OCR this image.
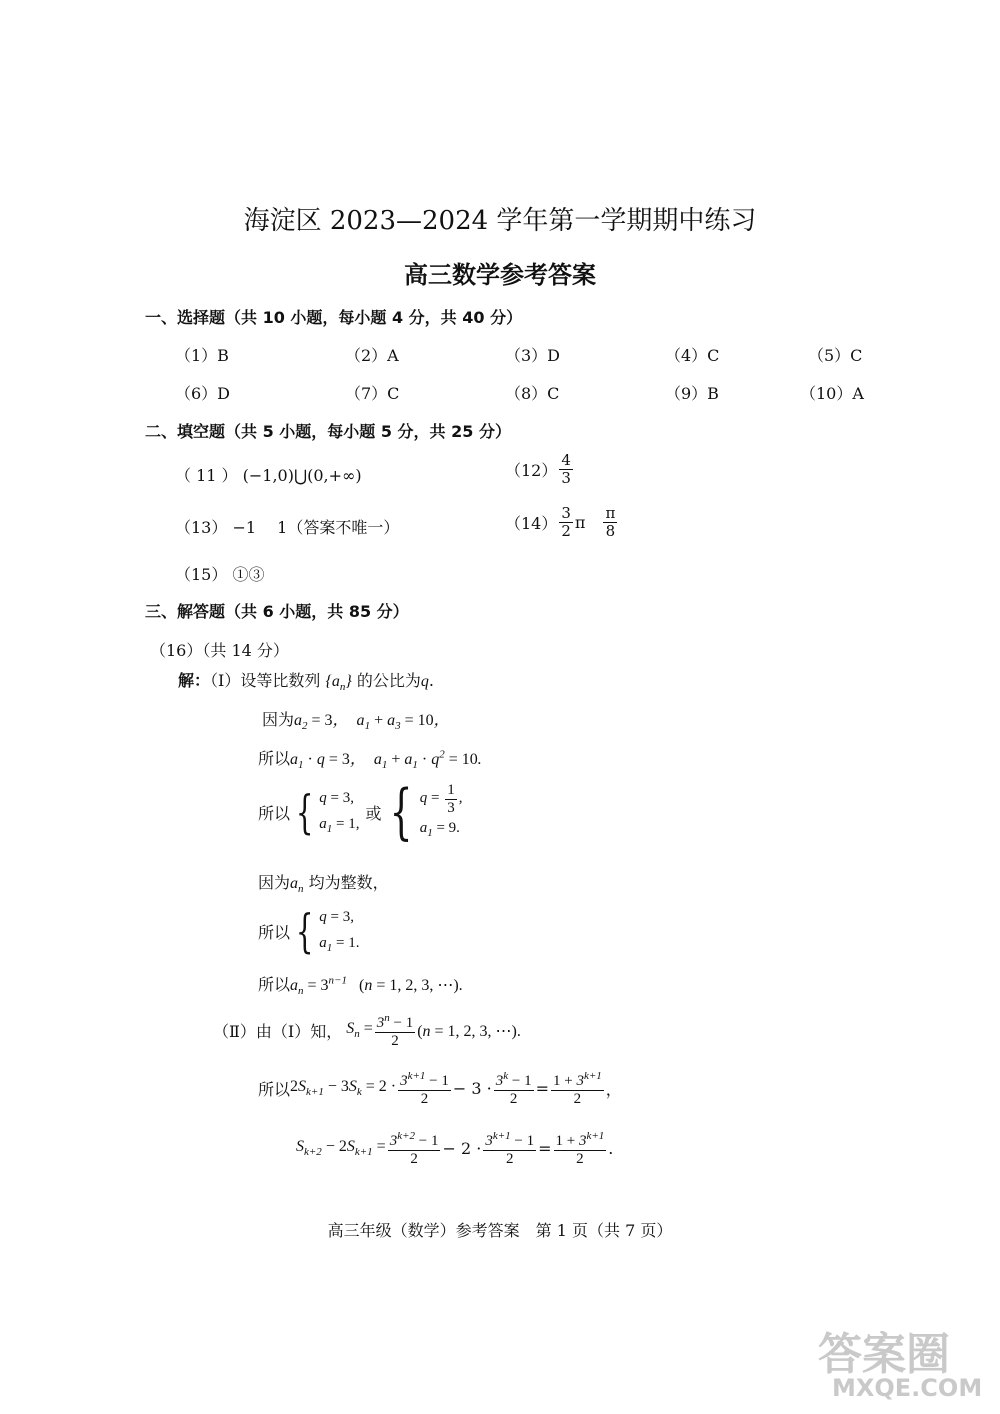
海淀区 2023—2024 学年第一学期期中练习
高三数学参考答案
一、选择题（共 10 小题，每小题 4 分，共 40 分）
（1）B	（2）A	（3）D	（4）C	（5）C
（6）D	（7）C	（8）C	（9）B	（10）A
二、填空题（共 5 小题，每小题 5 分，共 25 分）
（ 11 ） (−1,0)⋃(0,+∞)	$(12) \frac{4}{3}$
（13） −1　 1（答案不唯一）	$(14) \frac{3}{2}$ π $\frac{\pi}{8}$
（15） ①③
三、解答题（共 6 小题，共 85 分）
（16）（共 14 分）
解：（Ⅰ）设等比数列 $\{a_n\}$ 的公比为q.
因为$a_2 = 3$，  $a_1 + a_3 = 10$，
所以$a_1 \cdot q = 3$，  $a_1 + a_1 \cdot q^2 = 10$.
所以 { q = 3,
$a_1 = 1$,
或 { $q = \frac{1}{3}$ ,
$a_1 = 9$.
因为$a_n$ 均为整数，
所以 { q = 3,
$a_1 = 1$.
所以$a_n = 3^{n-1}$ (n = 1, 2, 3, ⋯).
（Ⅱ）由（Ⅰ）知， $S_n = \frac{3^n - 1}{2} (n = 1$, 2, 3, ⋯).
所以 $2S_{k+1} - 3S_k = 2 \cdot \frac{3^{k+1} - 1}{2} - 3 \cdot \frac{3^k - 1}{2} = \frac{1 + 3^{k+1}}{2}$ ，
$S_{k+2} - 2S_{k+1} = \frac{3^{k+2} - 1}{2} - 2 \cdot \frac{3^{k+1} - 1}{2} = \frac{1 + 3^{k+1}}{2}$ .
高三年级（数学）参考答案　第 1 页（共 7 页）
答案圈
MXQE.COM
